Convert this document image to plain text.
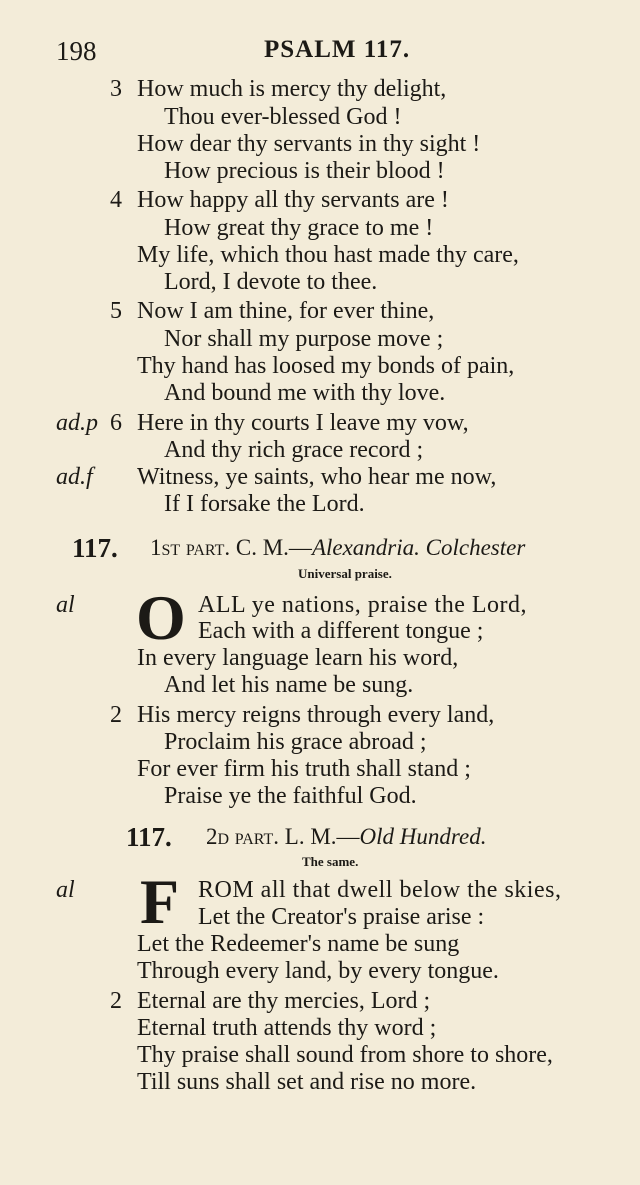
198	PSALM 117.
3 How much is mercy thy delight,
Thou ever-blessed God !
How dear thy servants in thy sight !
How precious is their blood !
4 How happy all thy servants are !
How great thy grace to me !
My life, which thou hast made thy care,
Lord, I devote to thee.
5 Now I am thine, for ever thine,
Nor shall my purpose move ;
Thy hand has loosed my bonds of pain,
And bound me with thy love.
ad.p 6 Here in thy courts I leave my vow,
And thy rich grace record ;
ad.f Witness, ye saints, who hear me now,
If I forsake the Lord.
117. 1st part. C. M.—Alexandria. Colchester
Universal praise.
al O ALL ye nations, praise the Lord,
Each with a different tongue ;
In every language learn his word,
And let his name be sung.
2 His mercy reigns through every land,
Proclaim his grace abroad ;
For ever firm his truth shall stand ;
Praise ye the faithful God.
117. 2d part. L. M.—Old Hundred.
The same.
al F ROM all that dwell below the skies,
Let the Creator's praise arise :
Let the Redeemer's name be sung
Through every land, by every tongue.
2 Eternal are thy mercies, Lord ;
Eternal truth attends thy word ;
Thy praise shall sound from shore to shore,
Till suns shall set and rise no more.
